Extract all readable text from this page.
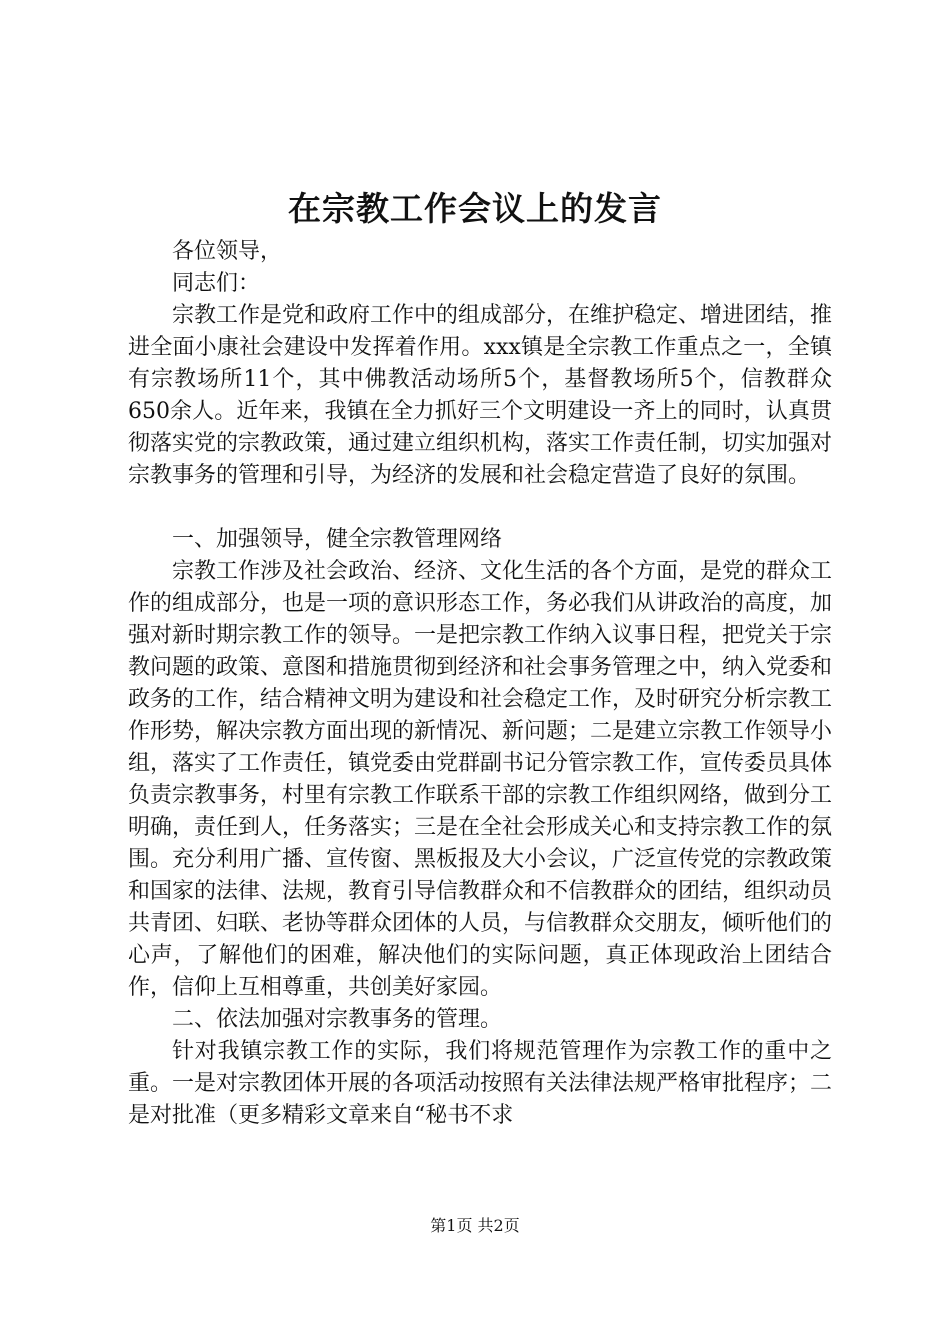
在宗教工作会议上的发言

各位领导，

同志们：

宗教工作是党和政府工作中的组成部分，在维护稳定、增进团结，推进全面小康社会建设中发挥着作用。xxx镇是全宗教工作重点之一，全镇有宗教场所11个，其中佛教活动场所5个，基督教场所5个，信教群众650余人。近年来，我镇在全力抓好三个文明建设一齐上的同时，认真贯彻落实党的宗教政策，通过建立组织机构，落实工作责任制，切实加强对宗教事务的管理和引导，为经济的发展和社会稳定营造了良好的氛围。

一、加强领导，健全宗教管理网络

宗教工作涉及社会政治、经济、文化生活的各个方面，是党的群众工作的组成部分，也是一项的意识形态工作，务必我们从讲政治的高度，加强对新时期宗教工作的领导。一是把宗教工作纳入议事日程，把党关于宗教问题的政策、意图和措施贯彻到经济和社会事务管理之中，纳入党委和政务的工作，结合精神文明为建设和社会稳定工作，及时研究分析宗教工作形势，解决宗教方面出现的新情况、新问题；二是建立宗教工作领导小组，落实了工作责任，镇党委由党群副书记分管宗教工作，宣传委员具体负责宗教事务，村里有宗教工作联系干部的宗教工作组织网络，做到分工明确，责任到人，任务落实；三是在全社会形成关心和支持宗教工作的氛围。充分利用广播、宣传窗、黑板报及大小会议，广泛宣传党的宗教政策和国家的法律、法规，教育引导信教群众和不信教群众的团结，组织动员共青团、妇联、老协等群众团体的人员，与信教群众交朋友，倾听他们的心声，了解他们的困难，解决他们的实际问题，真正体现政治上团结合作，信仰上互相尊重，共创美好家园。

二、依法加强对宗教事务的管理。

针对我镇宗教工作的实际，我们将规范管理作为宗教工作的重中之重。一是对宗教团体开展的各项活动按照有关法律法规严格审批程序；二是对批准（更多精彩文章来自“秘书不求

第1页 共2页
